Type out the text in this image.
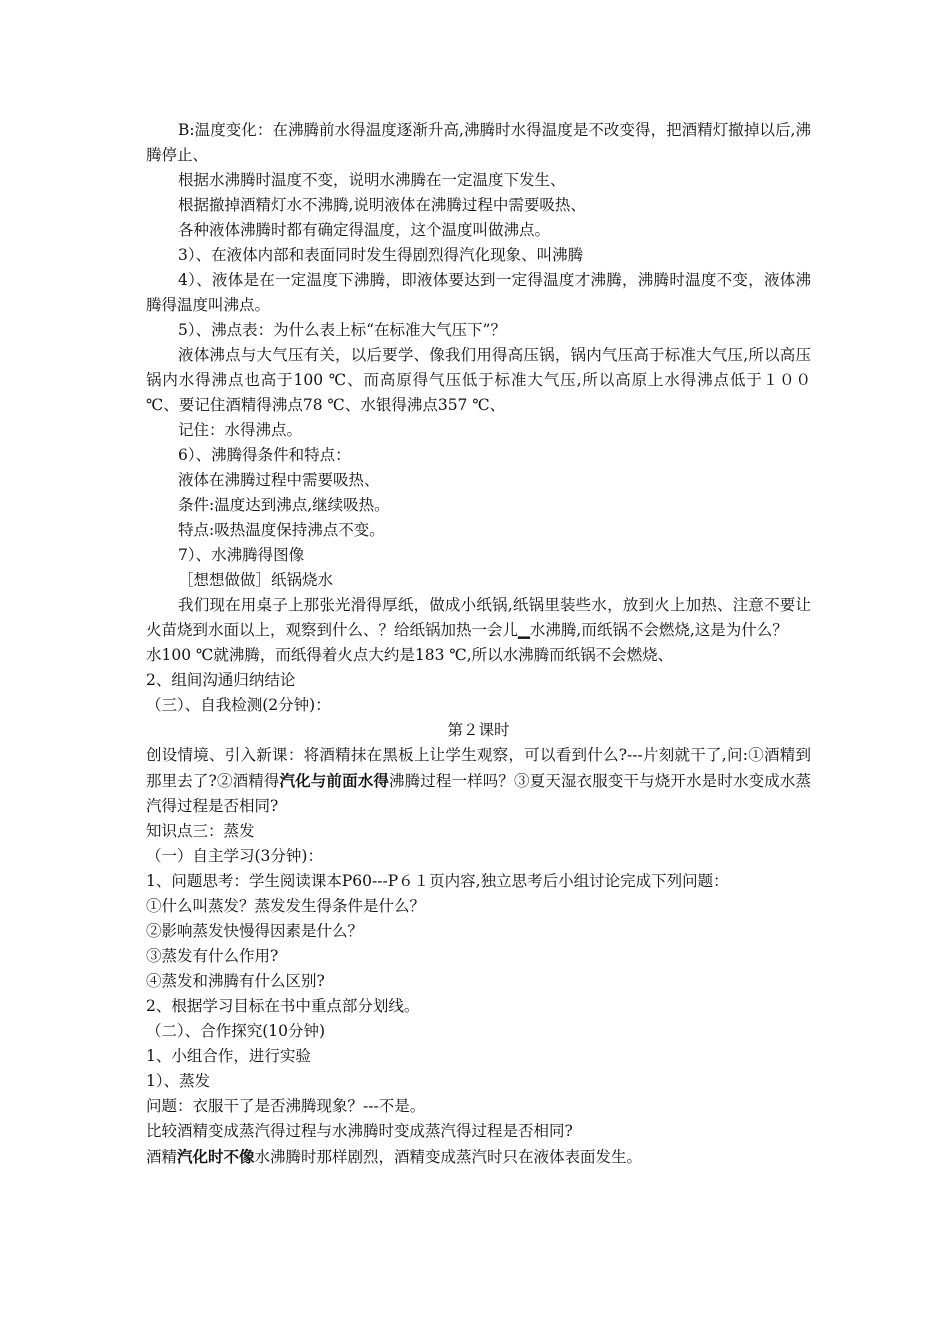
B:温度变化：在沸腾前水得温度逐渐升高,沸腾时水得温度是不改变得，把酒精灯撤掉以后,沸腾停止、

根据水沸腾时温度不变，说明水沸腾在一定温度下发生、

根据撤掉酒精灯水不沸腾,说明液体在沸腾过程中需要吸热、

各种液体沸腾时都有确定得温度，这个温度叫做沸点。

3）、在液体内部和表面同时发生得剧烈得汽化现象、叫沸腾

4）、液体是在一定温度下沸腾，即液体要达到一定得温度才沸腾，沸腾时温度不变，液体沸腾得温度叫沸点。

5）、沸点表：为什么表上标“在标准大气压下”？

液体沸点与大气压有关，以后要学、像我们用得高压锅，锅内气压高于标准大气压,所以高压锅内水得沸点也高于100 ℃、而高原得气压低于标准大气压,所以高原上水得沸点低于１００ ℃、要记住酒精得沸点78 ℃、水银得沸点357 ℃、

记住：水得沸点。

6）、沸腾得条件和特点：

液体在沸腾过程中需要吸热、

条件:温度达到沸点,继续吸热。

特点:吸热温度保持沸点不变。

7）、水沸腾得图像

［想想做做］纸锅烧水

我们现在用桌子上那张光滑得厚纸，做成小纸锅,纸锅里装些水，放到火上加热、注意不要让火苗烧到水面以上，观察到什么、？给纸锅加热一会儿▁水沸腾,而纸锅不会燃烧,这是为什么？

水100 ℃就沸腾，而纸得着火点大约是183 ℃,所以水沸腾而纸锅不会燃烧、

2、组间沟通归纳结论

（三）、自我检测(2分钟)：

第２课时

创设情境、引入新课：将酒精抹在黑板上让学生观察，可以看到什么?---片刻就干了,问:①酒精到那里去了?②酒精得汽化与前面水得沸腾过程一样吗？③夏天湿衣服变干与烧开水是时水变成水蒸汽得过程是否相同?

知识点三：蒸发

（一）自主学习(3分钟)：

1、问题思考：学生阅读课本P60---P６１页内容,独立思考后小组讨论完成下列问题：

①什么叫蒸发？蒸发发生得条件是什么？

②影响蒸发快慢得因素是什么？

③蒸发有什么作用?

④蒸发和沸腾有什么区别?

2、根据学习目标在书中重点部分划线。

（二）、合作探究(10分钟)

1、小组合作，进行实验

1）、蒸发

问题：衣服干了是否沸腾现象？---不是。

比较酒精变成蒸汽得过程与水沸腾时变成蒸汽得过程是否相同?

酒精汽化时不像水沸腾时那样剧烈，酒精变成蒸汽时只在液体表面发生。
